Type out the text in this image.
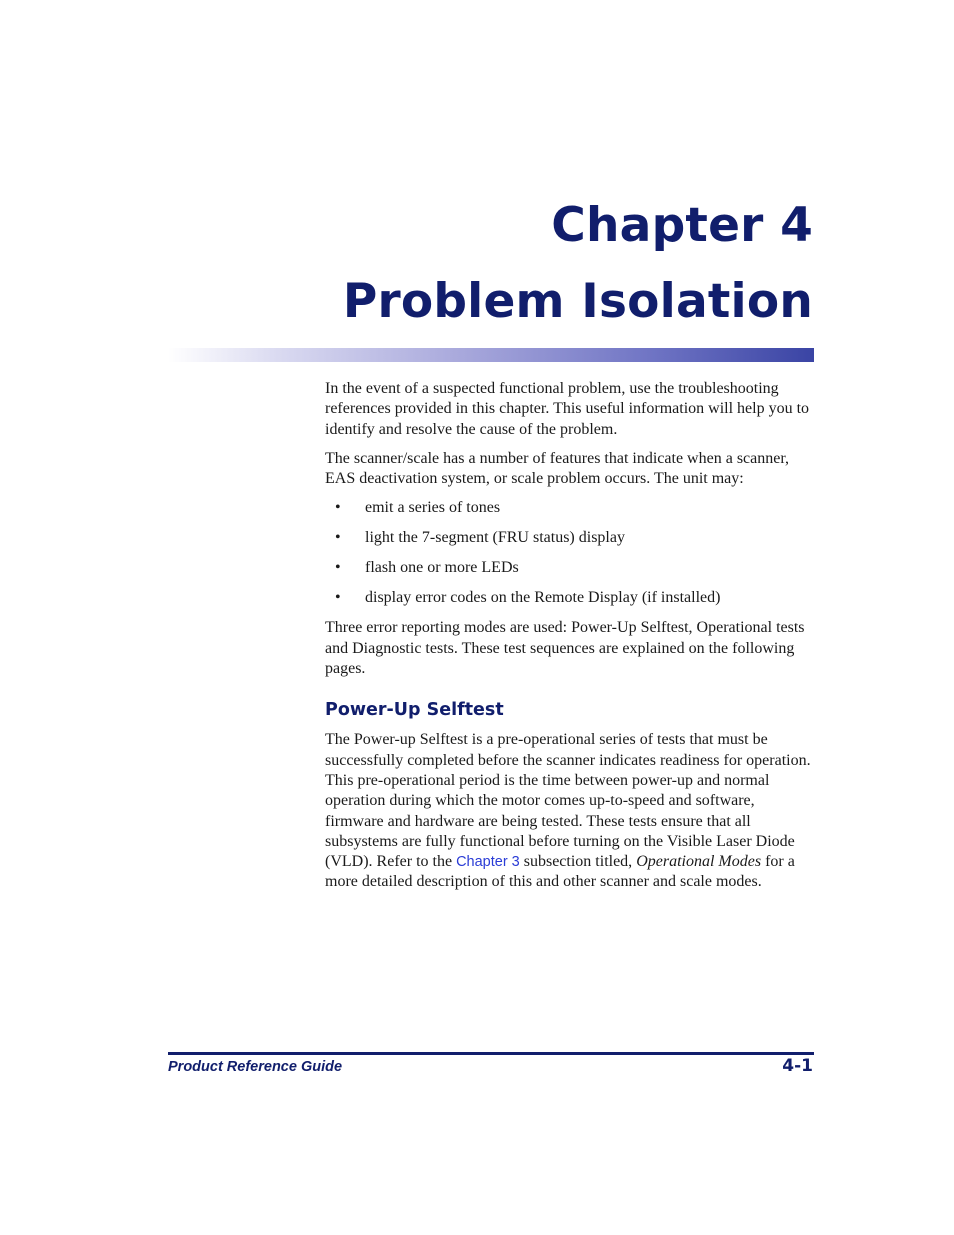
Chapter 4
Problem Isolation

In the event of a suspected functional problem, use the troubleshooting references provided in this chapter. This useful information will help you to identify and resolve the cause of the problem.

The scanner/scale has a number of features that indicate when a scanner, EAS deactivation system, or scale problem occurs. The unit may:

• emit a series of tones
• light the 7-segment (FRU status) display
• flash one or more LEDs
• display error codes on the Remote Display (if installed)

Three error reporting modes are used: Power-Up Selftest, Operational tests and Diagnostic tests. These test sequences are explained on the following pages.

Power-Up Selftest

The Power-up Selftest is a pre-operational series of tests that must be successfully completed before the scanner indicates readiness for operation. This pre-operational period is the time between power-up and normal operation during which the motor comes up-to-speed and software, firmware and hardware are being tested. These tests ensure that all subsystems are fully functional before turning on the Visible Laser Diode (VLD). Refer to the Chapter 3 subsection titled, Operational Modes for a more detailed description of this and other scanner and scale modes.

Product Reference Guide	4-1
